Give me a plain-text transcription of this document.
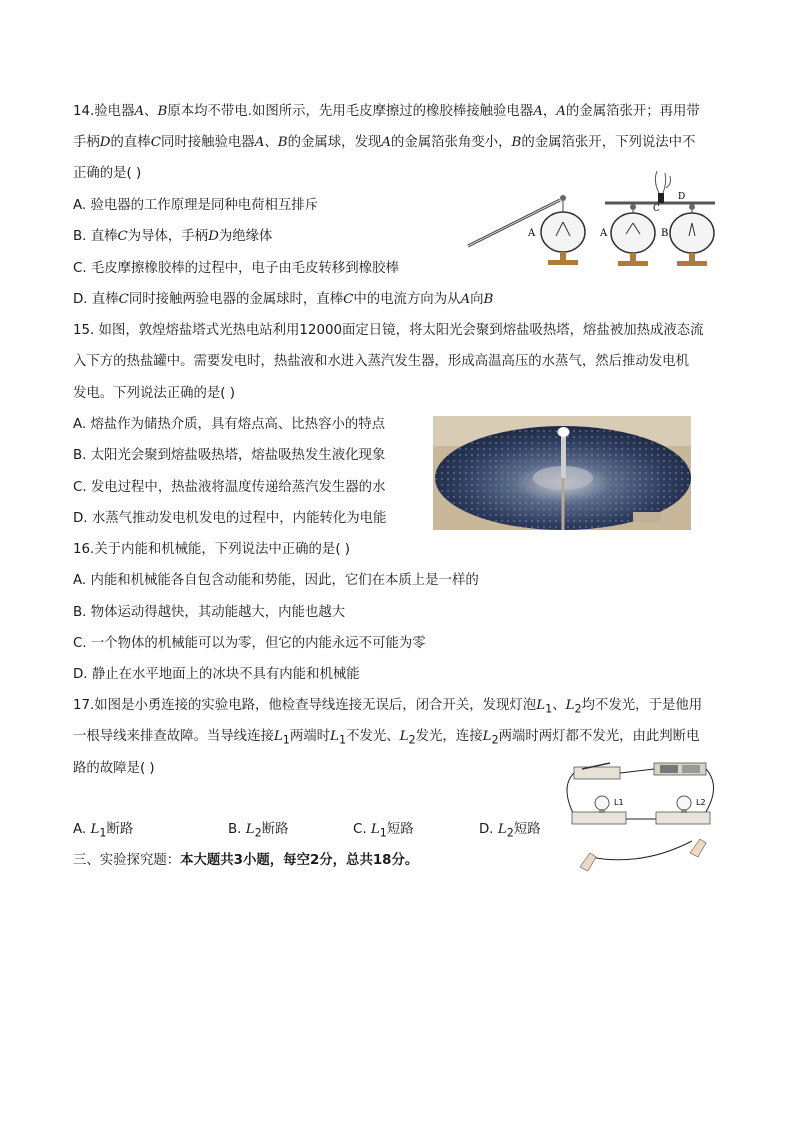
14.验电器A、B原本均不带电.如图所示，先用毛皮摩擦过的橡胶棒接触验电器A，A的金属箔张开；再用带
手柄D的直棒C同时接触验电器A、B的金属球，发现A的金属箔张角变小，B的金属箔张开，下列说法中不
正确的是( )
A. 验电器的工作原理是同种电荷相互排斥
B. 直棒C为导体，手柄D为绝缘体
C. 毛皮摩擦橡胶棒的过程中，电子由毛皮转移到橡胶棒
D. 直棒C同时接触两验电器的金属球时，直棒C中的电流方向为从A向B
A
C
D
A	B
15. 如图，敦煌熔盐塔式光热电站利用12000面定日镜，将太阳光会聚到熔盐吸热塔，熔盐被加热成液态流
入下方的热盐罐中。需要发电时，热盐液和水进入蒸汽发生器，形成高温高压的水蒸气，然后推动发电机
发电。下列说法正确的是( )
A. 熔盐作为储热介质，具有熔点高、比热容小的特点
B. 太阳光会聚到熔盐吸热塔，熔盐吸热发生液化现象
C. 发电过程中，热盐液将温度传递给蒸汽发生器的水
D. 水蒸气推动发电机发电的过程中，内能转化为电能
16.关于内能和机械能，下列说法中正确的是( )
A. 内能和机械能各自包含动能和势能，因此，它们在本质上是一样的
B. 物体运动得越快，其动能越大，内能也越大
C. 一个物体的机械能可以为零，但它的内能永远不可能为零
D. 静止在水平地面上的冰块不具有内能和机械能
17.如图是小勇连接的实验电路，他检查导线连接无误后，闭合开关，发现灯泡$L_1$、$L_2$均不发光，于是他用
一根导线来排查故障。当导线连接$L_1$两端时$L_1$不发光、$L_2$发光，连接$L_2$两端时两灯都不发光，由此判断电
路的故障是( )
A. $L_1$断路	B. $L_2$断路	C. $L_1$短路	D. $L_2$短路
L1	L2
三、实验探究题：本大题共3小题，每空2分，总共18分。
